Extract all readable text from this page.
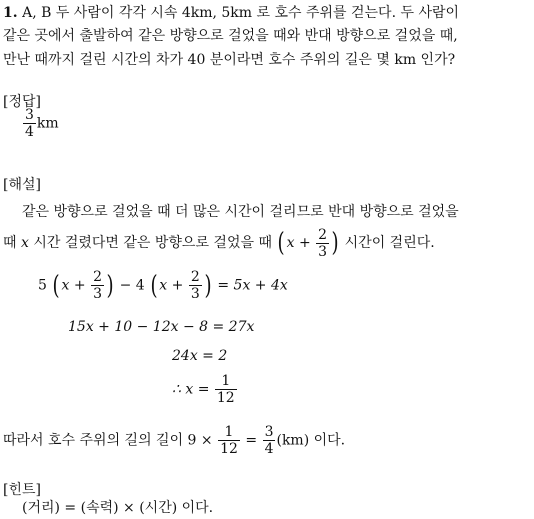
1. A, B 두 사람이 각각 시속 4km, 5km 로 호수 주위를 걷는다. 두 사람이
같은 곳에서 출발하여 같은 방향으로 걸었을 때와 반대 방향으로 걸었을 때,
만난 때까지 걸린 시간의 차가 40 분이라면 호수 주위의 길은 몇 km 인가?
[정답]
$\frac{3}{4}$ km
[해설]
같은 방향으로 걸었을 때 더 많은 시간이 걸리므로 반대 방향으로 걸었을
때 x 시간 걸렸다면 같은 방향으로 걸었을 때 ( $x + \frac{2}{3}$ ) 시간이 걸린다.
5 ( $x + \frac{2}{3}$ ) − 4 ( $x + \frac{2}{3}$ ) = 5x + 4x
15x + 10 − 12x − 8 = 27x
24x = 2
∴ $x = \frac{1}{12}$
따라서 호수 주위의 길의 길이 $9 \times \frac{1}{12} = \frac{3}{4} (km)$ 이다.
[힌트]
(거리) = (속력) × (시간) 이다.
